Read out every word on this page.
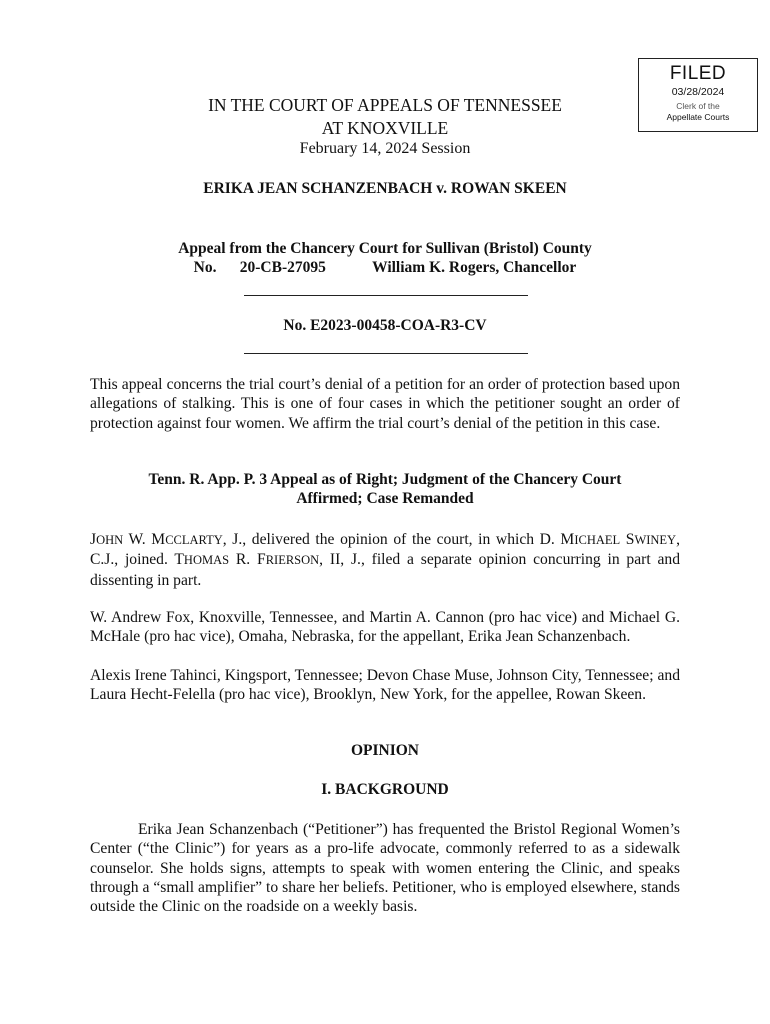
FILED
03/28/2024
Clerk of the
Appellate Courts
IN THE COURT OF APPEALS OF TENNESSEE
AT KNOXVILLE
February 14, 2024 Session
ERIKA JEAN SCHANZENBACH v. ROWAN SKEEN
Appeal from the Chancery Court for Sullivan (Bristol) County
No. 20-CB-27095	William K. Rogers, Chancellor
No. E2023-00458-COA-R3-CV

This appeal concerns the trial court’s denial of a petition for an order of protection based upon allegations of stalking. This is one of four cases in which the petitioner sought an order of protection against four women. We affirm the trial court’s denial of the petition in this case.

Tenn. R. App. P. 3 Appeal as of Right; Judgment of the Chancery Court
Affirmed; Case Remanded

JOHN W. MCCLARTY, J., delivered the opinion of the court, in which D. MICHAEL SWINEY, C.J., joined. THOMAS R. FRIERSON, II, J., filed a separate opinion concurring in part and dissenting in part.

W. Andrew Fox, Knoxville, Tennessee, and Martin A. Cannon (pro hac vice) and Michael G. McHale (pro hac vice), Omaha, Nebraska, for the appellant, Erika Jean Schanzenbach.

Alexis Irene Tahinci, Kingsport, Tennessee; Devon Chase Muse, Johnson City, Tennessee; and Laura Hecht-Felella (pro hac vice), Brooklyn, New York, for the appellee, Rowan Skeen.

OPINION
I. BACKGROUND

Erika Jean Schanzenbach (“Petitioner”) has frequented the Bristol Regional Women’s Center (“the Clinic”) for years as a pro-life advocate, commonly referred to as a sidewalk counselor. She holds signs, attempts to speak with women entering the Clinic, and speaks through a “small amplifier” to share her beliefs. Petitioner, who is employed elsewhere, stands outside the Clinic on the roadside on a weekly basis.
